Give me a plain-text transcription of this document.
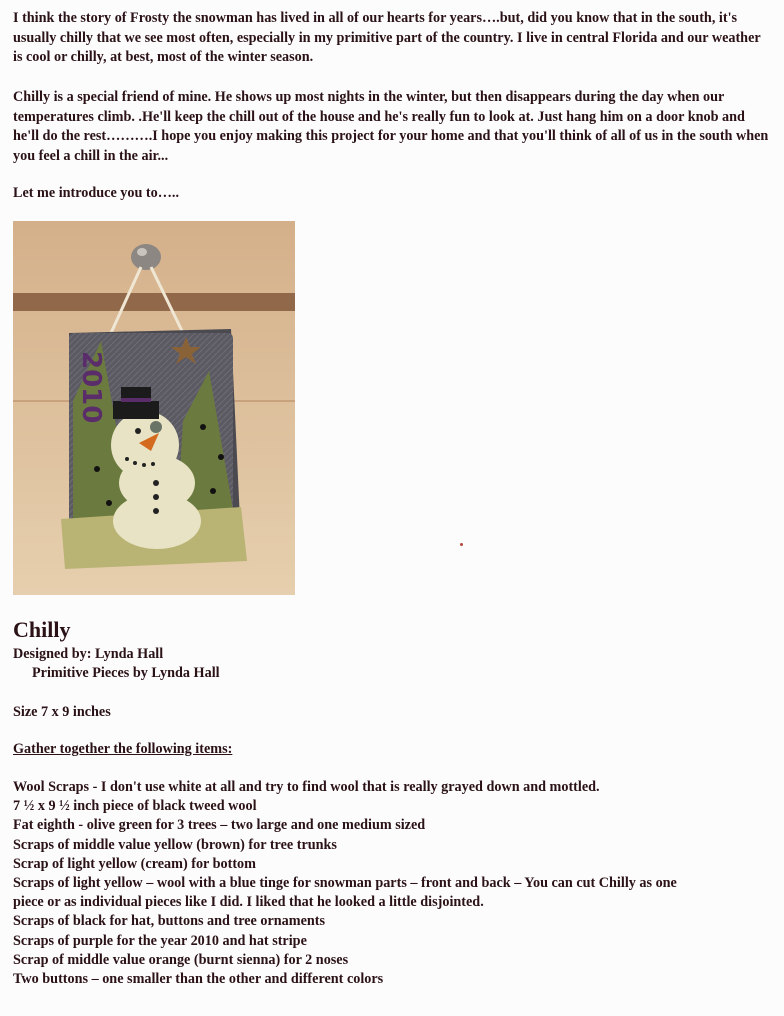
I think the story of Frosty the snowman has lived in all of our hearts for years….but, did you know that in the south, it's usually chilly that we see most often, especially in my primitive part of the country. I live in central Florida and our weather is cool or chilly, at best, most of the winter season.

Chilly is a special friend of mine. He shows up most nights in the winter, but then disappears during the day when our temperatures climb. .He'll keep the chill out of the house and he's really fun to look at. Just hang him on a door knob and he'll do the rest……….I hope you enjoy making this project for your home and that you'll think of all of us in the south when you feel a chill in the air...

Let me introduce you to…..

2010
Chilly
Designed by: Lynda Hall
Primitive Pieces by Lynda Hall
Size 7 x 9 inches
Gather together the following items:
Wool Scraps - I don't use white at all and try to find wool that is really grayed down and mottled.
7 ½ x 9 ½ inch piece of black tweed wool
Fat eighth - olive green for 3 trees – two large and one medium sized
Scraps of middle value yellow (brown) for tree trunks
Scrap of light yellow (cream) for bottom
Scraps of light yellow – wool with a blue tinge for snowman parts – front and back – You can cut Chilly as one
piece or as individual pieces like I did. I liked that he looked a little disjointed.
Scraps of black for hat, buttons and tree ornaments
Scraps of purple for the year 2010 and hat stripe
Scrap of middle value orange (burnt sienna) for 2 noses
Two buttons – one smaller than the other and different colors
